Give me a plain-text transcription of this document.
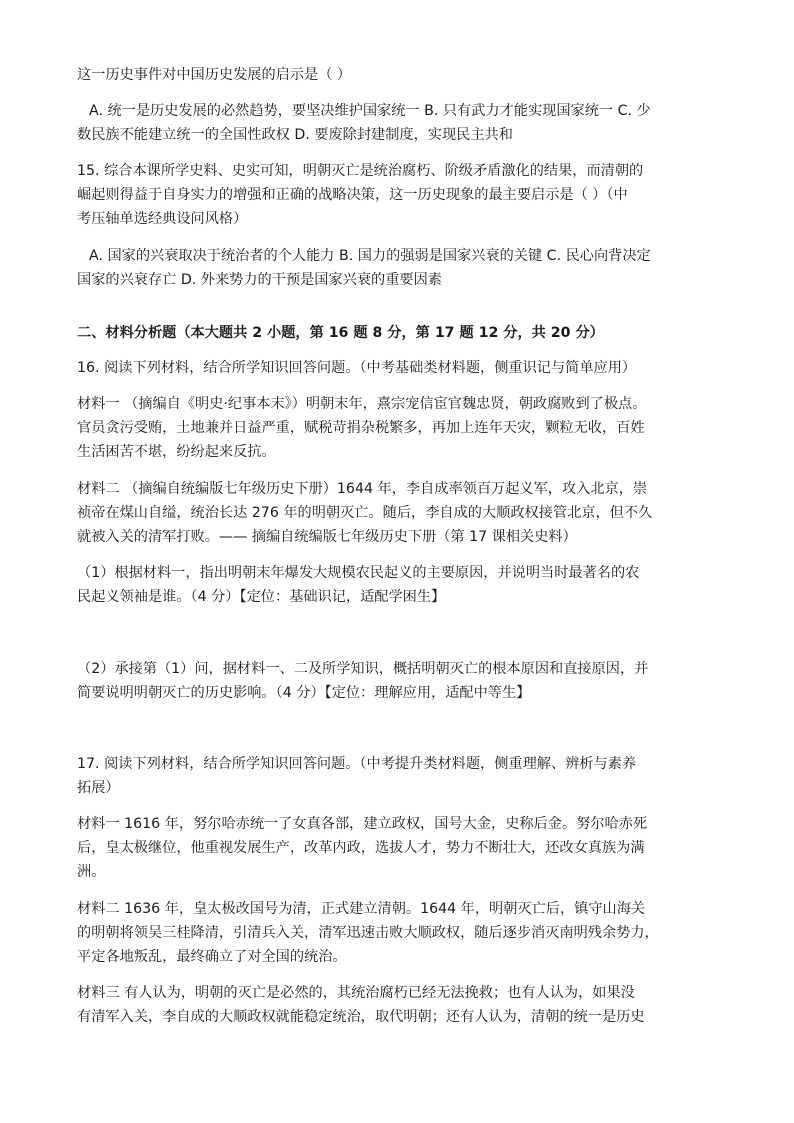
这一历史事件对中国历史发展的启示是（ ）
A. 统一是历史发展的必然趋势，要坚决维护国家统一 B. 只有武力才能实现国家统一 C. 少
数民族不能建立统一的全国性政权 D. 要废除封建制度，实现民主共和
15. 综合本课所学史料、史实可知，明朝灭亡是统治腐朽、阶级矛盾激化的结果，而清朝的
崛起则得益于自身实力的增强和正确的战略决策，这一历史现象的最主要启示是（ ）（中
考压轴单选经典设问风格）
A. 国家的兴衰取决于统治者的个人能力 B. 国力的强弱是国家兴衰的关键 C. 民心向背决定
国家的兴衰存亡 D. 外来势力的干预是国家兴衰的重要因素
二、材料分析题（本大题共 2 小题，第 16 题 8 分，第 17 题 12 分，共 20 分）
16. 阅读下列材料，结合所学知识回答问题。（中考基础类材料题，侧重识记与简单应用）
材料一 （摘编自《明史·纪事本末》）明朝末年，熹宗宠信宦官魏忠贤，朝政腐败到了极点。
官员贪污受贿，土地兼并日益严重，赋税苛捐杂税繁多，再加上连年天灾，颗粒无收，百姓
生活困苦不堪，纷纷起来反抗。
材料二 （摘编自统编版七年级历史下册）1644 年，李自成率领百万起义军，攻入北京，崇
祯帝在煤山自缢，统治长达 276 年的明朝灭亡。随后，李自成的大顺政权接管北京，但不久
就被入关的清军打败。—— 摘编自统编版七年级历史下册（第 17 课相关史料）
（1）根据材料一，指出明朝末年爆发大规模农民起义的主要原因，并说明当时最著名的农
民起义领袖是谁。（4 分）【定位：基础识记，适配学困生】
（2）承接第（1）问，据材料一、二及所学知识，概括明朝灭亡的根本原因和直接原因，并
简要说明明朝灭亡的历史影响。（4 分）【定位：理解应用，适配中等生】
17. 阅读下列材料，结合所学知识回答问题。（中考提升类材料题，侧重理解、辨析与素养
拓展）
材料一 1616 年，努尔哈赤统一了女真各部，建立政权，国号大金，史称后金。努尔哈赤死
后，皇太极继位，他重视发展生产，改革内政，选拔人才，势力不断壮大，还改女真族为满
洲。
材料二 1636 年，皇太极改国号为清，正式建立清朝。1644 年，明朝灭亡后，镇守山海关
的明朝将领吴三桂降清，引清兵入关，清军迅速击败大顺政权，随后逐步消灭南明残余势力，
平定各地叛乱，最终确立了对全国的统治。
材料三 有人认为，明朝的灭亡是必然的，其统治腐朽已经无法挽救；也有人认为，如果没
有清军入关，李自成的大顺政权就能稳定统治，取代明朝；还有人认为，清朝的统一是历史
